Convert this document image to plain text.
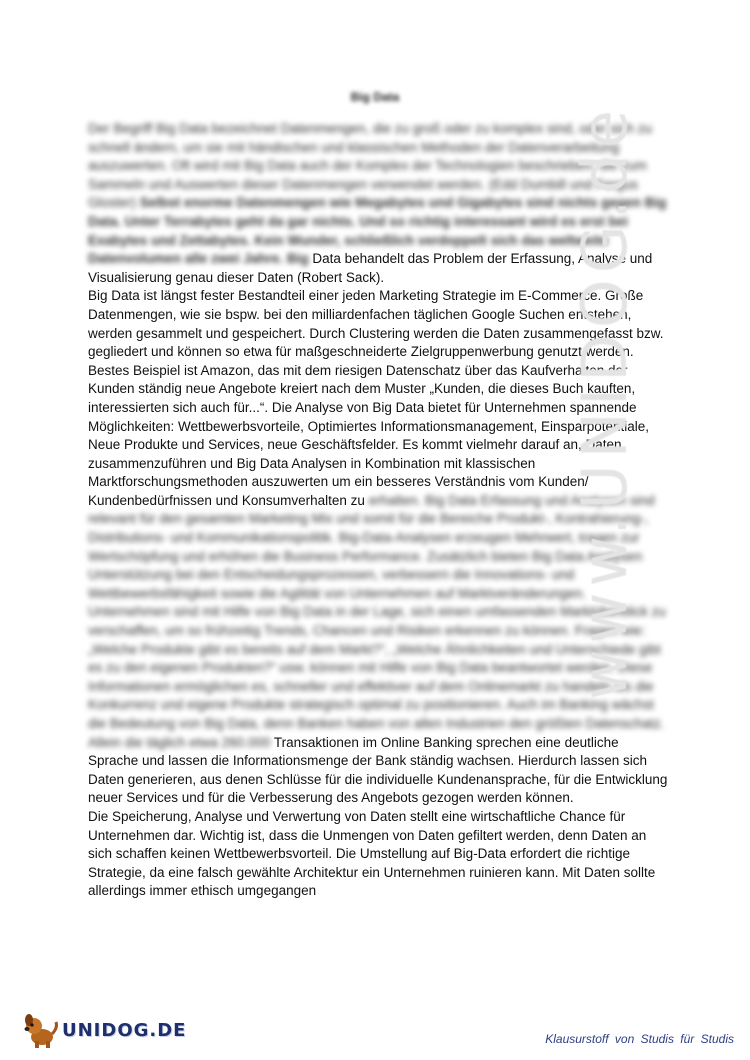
Big Data

Der Begriff Big Data bezeichnet Datenmengen, die zu groß oder zu komplex sind, oder sich zu schnell ändern, um sie mit händischen und klassischen Methoden der Datenverarbeitung auszuwerten. Oft wird mit Big Data auch der Komplex der Technologien beschrieben, die zum Sammeln und Auswerten dieser Datenmengen verwendet werden. (Edd Dumbill und Fergus Gloster) Selbst enorme Datenmengen wie Megabytes und Gigabytes sind nichts gegen Big Data. Unter Terrabytes geht da gar nichts. Und so richtig interessant wird es erst bei Exabytes und Zettabytes. Kein Wunder, schließlich verdoppelt sich das weltweite Datenvolumen alle zwei Jahre. Big Data behandelt das Problem der Erfassung, Analyse und Visualisierung genau dieser Daten (Robert Sack).

Big Data ist längst fester Bestandteil einer jeden Marketing Strategie im E-Commerce. Große Datenmengen, wie sie bspw. bei den milliardenfachen täglichen Google Suchen entstehen, werden gesammelt und gespeichert. Durch Clustering werden die Daten zusammengefasst bzw. gegliedert und können so etwa für maßgeschneiderte Zielgruppenwerbung genutzt werden. Bestes Beispiel ist Amazon, das mit dem riesigen Datenschatz über das Kaufverhalten der Kunden ständig neue Angebote kreiert nach dem Muster „Kunden, die dieses Buch kauften, interessierten sich auch für...“. Die Analyse von Big Data bietet für Unternehmen spannende Möglichkeiten: Wettbewerbsvorteile, Optimiertes Informationsmanagement, Einsparpotentiale, Neue Produkte und Services, neue Geschäftsfelder. Es kommt vielmehr darauf an, Daten zusammenzuführen und Big Data Analysen in Kombination mit klassischen Marktforschungsmethoden auszuwerten um ein besseres Verständnis vom Kunden/ Kundenbedürfnissen und Konsumverhalten zu erhalten. Big Data Erfassung und Analysen sind relevant für den gesamten Marketing Mix und somit für die Bereiche Produkt-, Kontrahierung-, Distributions- und Kommunikationspolitik. Big-Data-Analysen erzeugen Mehrwert, tragen zur Wertschöpfung und erhöhen die Business Performance. Zusätzlich bieten Big Data Analysen Unterstützung bei den Entscheidungsprozessen, verbessern die Innovations- und Wettbewerbsfähigkeit sowie die Agilität von Unternehmen auf Marktveränderungen. Unternehmen sind mit Hilfe von Big Data in der Lage, sich einen umfassenden Marktüberblick zu verschaffen, um so frühzeitig Trends, Chancen und Risiken erkennen zu können. Fragen wie: „Welche Produkte gibt es bereits auf dem Markt?“, „Welche Ähnlichkeiten und Unterschiede gibt es zu den eigenen Produkten?“ usw. können mit Hilfe von Big Data beantwortet werden. Diese Informationen ermöglichen es, schneller und effektiver auf dem Onlinemarkt zu handeln als die Konkurrenz und eigene Produkte strategisch optimal zu positionieren. Auch im Banking wächst die Bedeutung von Big Data, denn Banken haben von allen Industrien den größten Datenschatz. Allein die täglich etwa 260.000 Transaktionen im Online Banking sprechen eine deutliche Sprache und lassen die Informationsmenge der Bank ständig wachsen. Hierdurch lassen sich Daten generieren, aus denen Schlüsse für die individuelle Kundenansprache, für die Entwicklung neuer Services und für die Verbesserung des Angebots gezogen werden können.

Die Speicherung, Analyse und Verwertung von Daten stellt eine wirtschaftliche Chance für Unternehmen dar. Wichtig ist, dass die Unmengen von Daten gefiltert werden, denn Daten an sich schaffen keinen Wettbewerbsvorteil. Die Umstellung auf Big-Data erfordert die richtige Strategie, da eine falsch gewählte Architektur ein Unternehmen ruinieren kann. Mit Daten sollte allerdings immer ethisch umgegangen

www.UNIDOG.de
UNIDOG.DE	Klausurstoff von Studis für Studis
